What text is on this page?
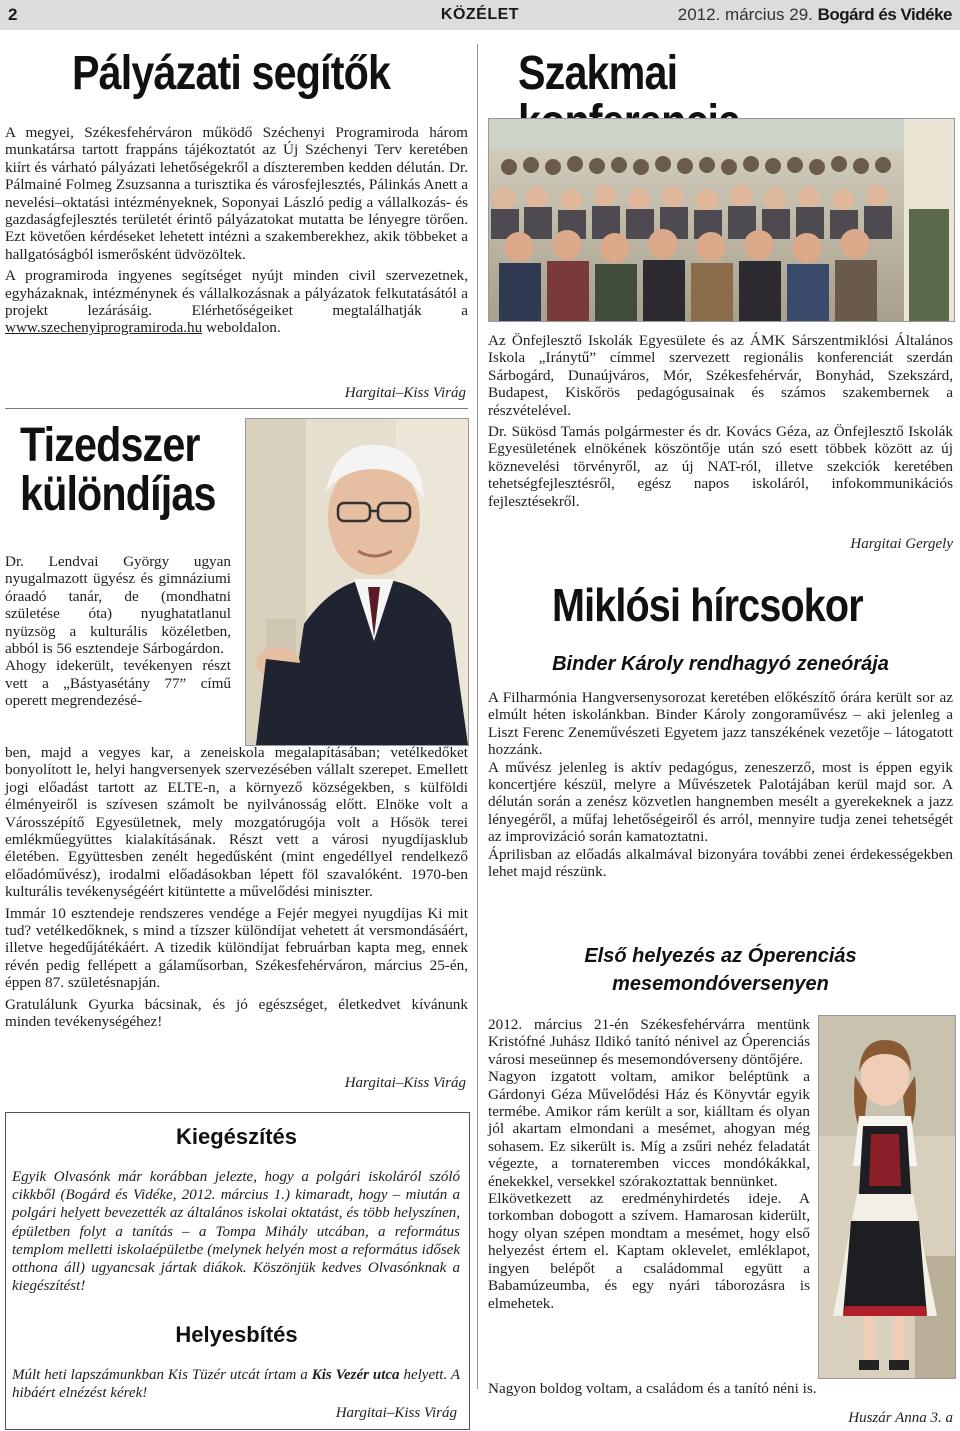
2	KÖZÉLET	2012. március 29. Bogárd és Vidéke
Pályázati segítők

A megyei, Székesfehérváron működő Széchenyi Programiroda három munkatársa tartott frappáns tájékoztatót az Új Széchenyi Terv keretében kiírt és várható pályázati lehetőségekről a díszteremben kedden délután. Dr. Pálmainé Folmeg Zsuzsanna a turisztika és városfejlesztés, Pálinkás Anett a nevelési–oktatási intézményeknek, Soponyai László pedig a vállalkozás- és gazdaságfejlesztés területét érintő pályázatokat mutatta be lényegre törően. Ezt követően kérdéseket lehetett intézni a szakemberekhez, akik többeket a hallgatóságból ismerősként üdvözöltek.

A programiroda ingyenes segítséget nyújt minden civil szervezetnek, egyházaknak, intézménynek és vállalkozásnak a pályázatok felkutatásától a projekt lezárásáig. Elérhetőségeiket megtalálhatják a www.szechenyiprogramiroda.hu weboldalon.

Hargitai–Kiss Virág
Tizedszer
különdíjas

Dr. Lendvai György ugyan nyugalmazott ügyész és gimnáziumi óraadó tanár, de (mondhatni születése óta) nyughatatlanul nyüzsög a kulturális közéletben, abból is 56 esztendeje Sárbogárdon.

Ahogy idekerült, tevékenyen részt vett a „Bástyasétány 77” című operett megrendezésé-

ben, majd a vegyes kar, a zeneiskola megalapításában; vetélkedőket bonyolított le, helyi hangversenyek szervezésében vállalt szerepet. Emellett jogi előadást tartott az ELTE-n, a környező községekben, s külföldi élményeiről is szívesen számolt be nyilvánosság előtt. Elnöke volt a Városszépítő Egyesületnek, mely mozgatórugója volt a Hősök terei emlékműegyüttes kialakításának. Részt vett a városi nyugdíjasklub életében. Együttesben zenélt hegedűsként (mint engedéllyel rendelkező előadóművész), irodalmi előadásokban lépett föl szavalóként. 1970-ben kulturális tevékenységéért kitüntette a művelődési miniszter.

Immár 10 esztendeje rendszeres vendége a Fejér megyei nyugdíjas Ki mit tud? vetélkedőknek, s mind a tízszer különdíjat vehetett át versmondásáért, illetve hegedűjátékáért. A tizedik különdíjat februárban kapta meg, ennek révén pedig fellépett a gálaműsorban, Székesfehérváron, március 25-én, éppen 87. születésnapján.

Gratulálunk Gyurka bácsinak, és jó egészséget, életkedvet kívánunk minden tevékenységéhez!

Hargitai–Kiss Virág
Kiegészítés
Egyik Olvasónk már korábban jelezte, hogy a polgári iskoláról szóló cikkből (Bogárd és Vidéke, 2012. március 1.) kimaradt, hogy – miután a polgári helyett bevezették az általános iskolai oktatást, és több helyszínen, épületben folyt a tanítás – a Tompa Mihály utcában, a református templom melletti iskolaépületbe (melynek helyén most a református idősek otthona áll) ugyancsak jártak diákok. Köszönjük kedves Olvasónknak a kiegészítést!
Helyesbítés
Múlt heti lapszámunkban Kis Tüzér utcát írtam a Kis Vezér utca helyett. A hibáért elnézést kérek!
Hargitai–Kiss Virág
Szakmai

Az Önfejlesztő Iskolák Egyesülete és az ÁMK Sárszentmiklósi Általános Iskola „Iránytű” címmel szervezett regionális konferenciát szerdán Sárbogárd, Dunaújváros, Mór, Székesfehérvár, Bonyhád, Szekszárd, Budapest, Kiskőrös pedagógusainak és számos szakembernek a részvételével.

Dr. Sükösd Tamás polgármester és dr. Kovács Géza, az Önfejlesztő Iskolák Egyesületének elnökének köszöntője után szó esett többek között az új köznevelési törvényről, az új NAT-ról, illetve szekciók keretében tehetségfejlesztésről, egész napos iskoláról, infokommunikációs fejlesztésekről.

Hargitai Gergely
Miklósi hírcsokor
Binder Károly rendhagyó zeneórája

A Filharmónia Hangversenysorozat keretében előkészítő órára került sor az elmúlt héten iskolánkban. Binder Károly zongoraművész – aki jelenleg a Liszt Ferenc Zeneművészeti Egyetem jazz tanszékének vezetője – látogatott hozzánk.

A művész jelenleg is aktív pedagógus, zeneszerző, most is éppen egyik koncertjére készül, melyre a Művészetek Palotájában kerül majd sor. A délután során a zenész közvetlen hangnemben mesélt a gyerekeknek a jazz lényegéről, a műfaj lehetőségeiről és arról, mennyire tudja zenei tehetségét az improvizáció során kamatoztatni.

Áprilisban az előadás alkalmával bizonyára további zenei érdekességekben lehet majd részünk.

Első helyezés az Óperenciás
mesemondóversenyen

2012. március 21-én Székesfehérvárra mentünk Kristófné Juhász Ildikó tanító nénivel az Óperenciás városi meseünnep és mesemondóverseny döntőjére.

Nagyon izgatott voltam, amikor beléptünk a Gárdonyi Géza Művelődési Ház és Könyvtár egyik termébe. Amikor rám került a sor, kiálltam és olyan jól akartam elmondani a mesémet, ahogyan még sohasem. Ez sikerült is. Míg a zsűri nehéz feladatát végezte, a tornateremben vicces mondókákkal, énekekkel, versekkel szórakoztattak bennünket.

Elkövetkezett az eredményhirdetés ideje. A torkomban dobogott a szívem. Hamarosan kiderült, hogy olyan szépen mondtam a mesémet, hogy első helyezést értem el. Kaptam oklevelet, emléklapot, ingyen belépőt a családommal együtt a Babamúzeumba, és egy nyári táborozásra is elmehetek.

Nagyon boldog voltam, a családom és a tanító néni is.

Huszár Anna 3. a
